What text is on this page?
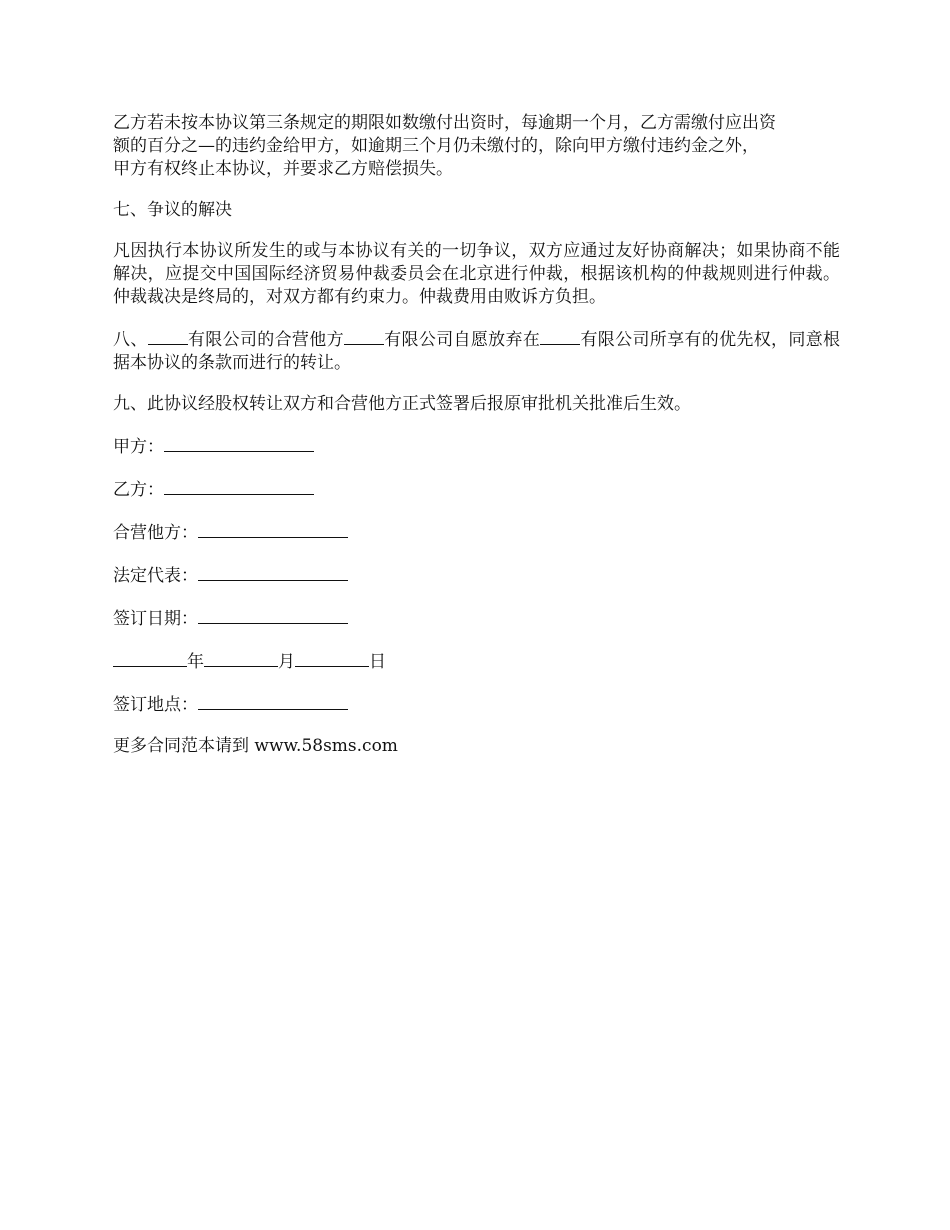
乙方若未按本协议第三条规定的期限如数缴付出资时，每逾期一个月，乙方需缴付应出资
额的百分之—的违约金给甲方，如逾期三个月仍未缴付的，除向甲方缴付违约金之外，
甲方有权终止本协议，并要求乙方赔偿损失。

七、争议的解决

凡因执行本协议所发生的或与本协议有关的一切争议，双方应通过友好协商解决；如果协商不能解决，应提交中国国际经济贸易仲裁委员会在北京进行仲裁，根据该机构的仲裁规则进行仲裁。仲裁裁决是终局的，对双方都有约束力。仲裁费用由败诉方负担。

八、 有限公司的合营他方 有限公司自愿放弃在 有限公司所享有的优先权，同意根据本协议的条款而进行的转让。

九、此协议经股权转让双方和合营他方正式签署后报原审批机关批准后生效。

甲方：

乙方：

合营他方：

法定代表：

签订日期：

年	月	日

签订地点：

更多合同范本请到 www.58sms.com
